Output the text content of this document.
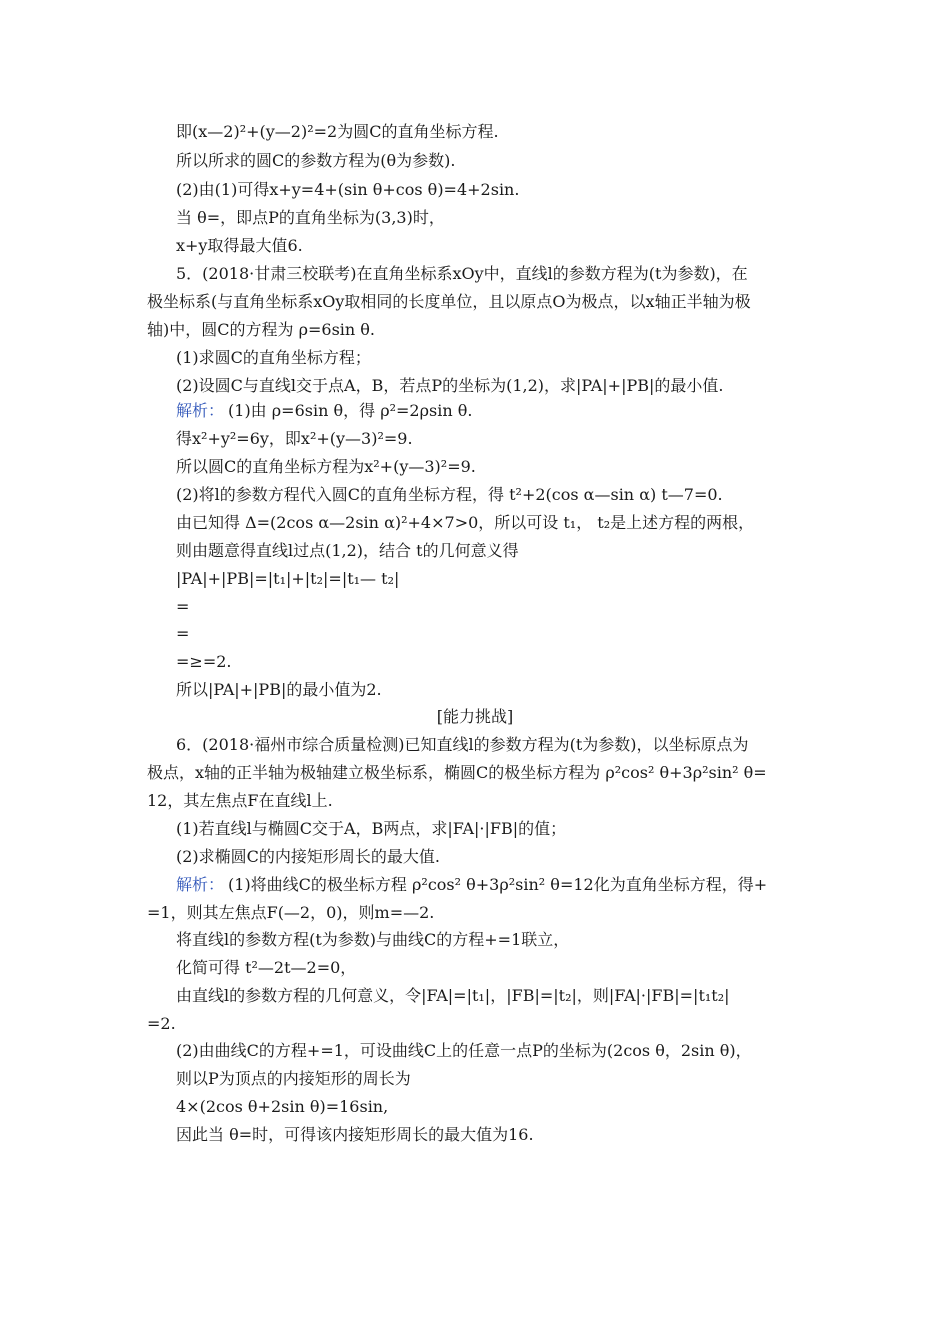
即(x—2)²+(y—2)²=2为圆C的直角坐标方程.
所以所求的圆C的参数方程为(θ为参数).
(2)由(1)可得x+y=4+(sin θ+cos θ)=4+2sin.
当 θ=，即点P的直角坐标为(3,3)时，
x+y取得最大值6.
5．(2018·甘肃三校联考)在直角坐标系xOy中，直线l的参数方程为(t为参数)，在
极坐标系(与直角坐标系xOy取相同的长度单位，且以原点O为极点，以x轴正半轴为极
轴)中，圆C的方程为 ρ=6sin θ.
(1)求圆C的直角坐标方程；
(2)设圆C与直线l交于点A，B，若点P的坐标为(1,2)，求|PA|+|PB|的最小值.
解析： (1)由 ρ=6sin θ，得 ρ²=2ρsin θ.
得x²+y²=6y，即x²+(y—3)²=9.
所以圆C的直角坐标方程为x²+(y—3)²=9.
(2)将l的参数方程代入圆C的直角坐标方程，得 t²+2(cos α—sin α) t—7=0.
由已知得 Δ=(2cos α—2sin α)²+4×7>0，所以可设 t₁， t₂是上述方程的两根，
则由题意得直线l过点(1,2)，结合 t的几何意义得
|PA|+|PB|=|t₁|+|t₂|=|t₁— t₂|
=
=
=≥=2.
所以|PA|+|PB|的最小值为2.
[能力挑战]
6．(2018·福州市综合质量检测)已知直线l的参数方程为(t为参数)，以坐标原点为
极点，x轴的正半轴为极轴建立极坐标系，椭圆C的极坐标方程为 ρ²cos² θ+3ρ²sin² θ=
12，其左焦点F在直线l上.
(1)若直线l与椭圆C交于A，B两点，求|FA|·|FB|的值；
(2)求椭圆C的内接矩形周长的最大值.
解析： (1)将曲线C的极坐标方程 ρ²cos² θ+3ρ²sin² θ=12化为直角坐标方程，得+
=1，则其左焦点F(—2，0)，则m=—2.
将直线l的参数方程(t为参数)与曲线C的方程+=1联立，
化简可得 t²—2t—2=0，
由直线l的参数方程的几何意义，令|FA|=|t₁|，|FB|=|t₂|，则|FA|·|FB|=|t₁t₂|
=2.
(2)由曲线C的方程+=1，可设曲线C上的任意一点P的坐标为(2cos θ，2sin θ)，
则以P为顶点的内接矩形的周长为
4×(2cos θ+2sin θ)=16sin,
因此当 θ=时，可得该内接矩形周长的最大值为16.
